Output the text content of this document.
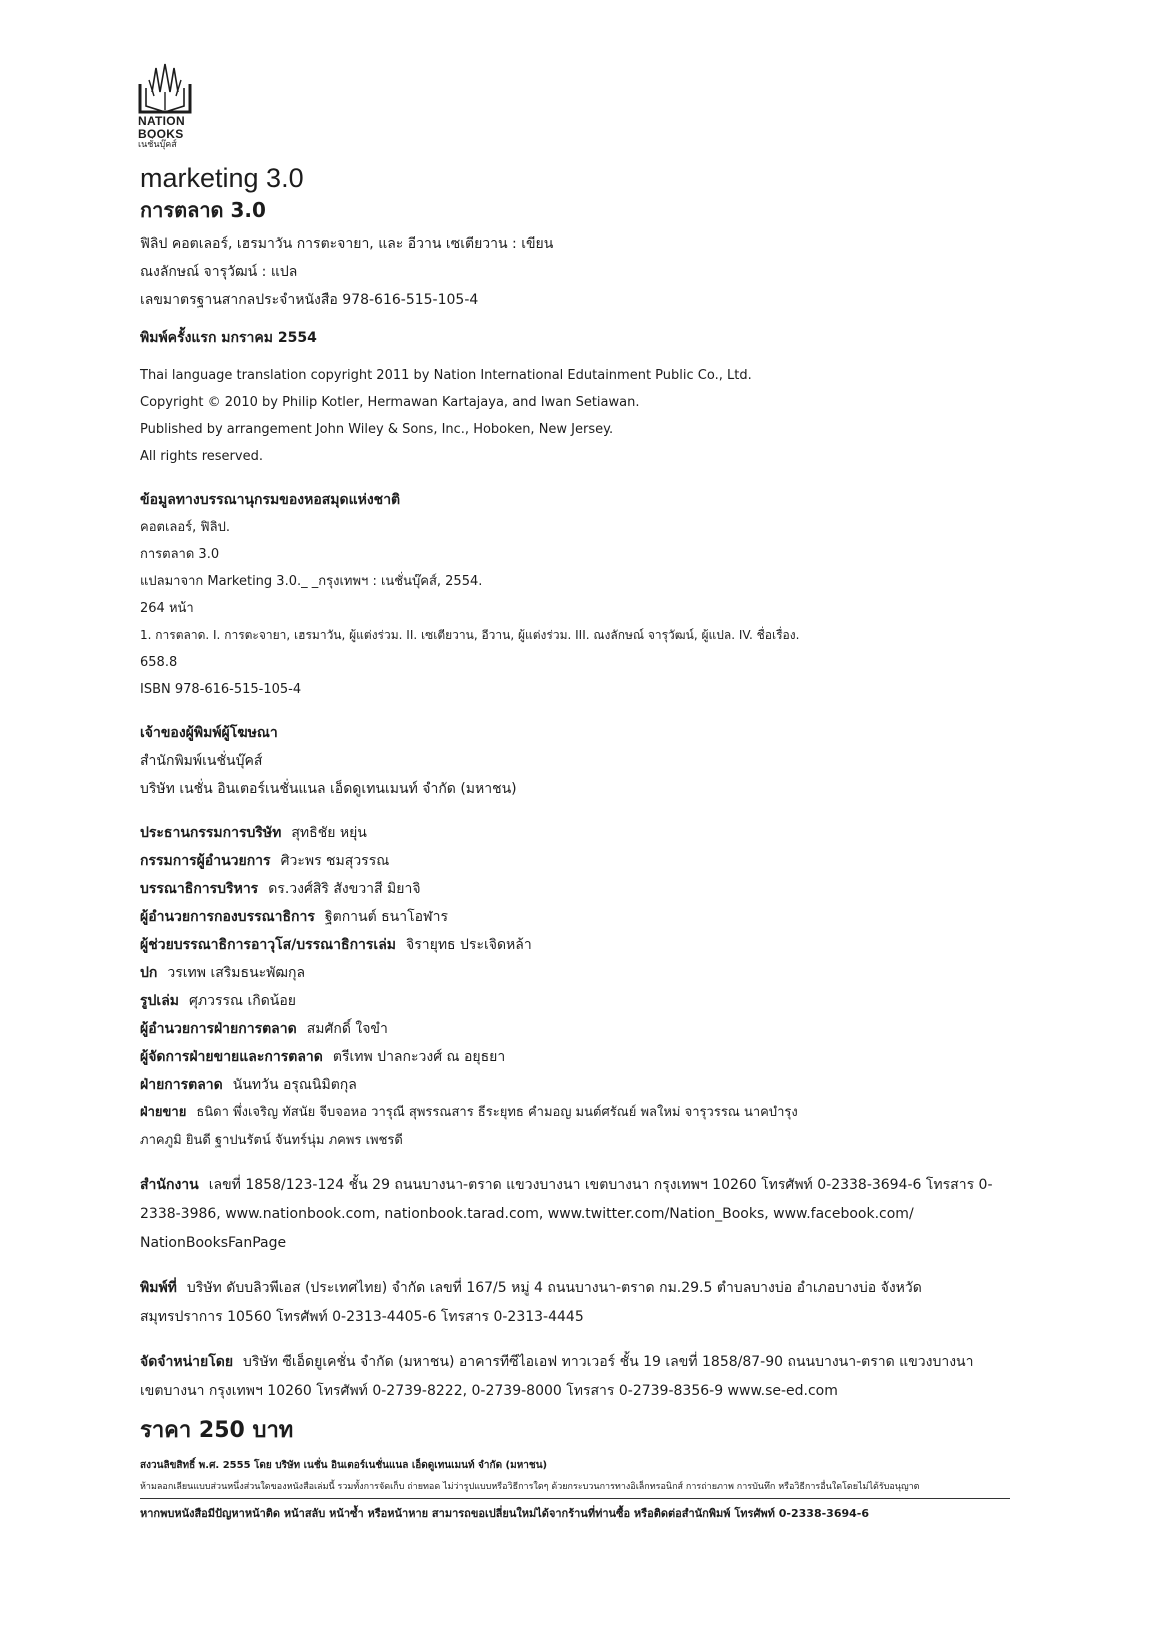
NATION
BOOKS
เนชั่นบุ๊คส์
marketing 3.0
การตลาด 3.0
ฟิลิป คอตเลอร์, เฮรมาวัน การตะจายา, และ อีวาน เซเตียวาน : เขียน
ณงลักษณ์ จารุวัฒน์ : แปล
เลขมาตรฐานสากลประจำหนังสือ 978-616-515-105-4
พิมพ์ครั้งแรก มกราคม 2554
Thai language translation copyright 2011 by Nation International Edutainment Public Co., Ltd.
Copyright © 2010 by Philip Kotler, Hermawan Kartajaya, and Iwan Setiawan.
Published by arrangement John Wiley & Sons, Inc., Hoboken, New Jersey.
All rights reserved.
ข้อมูลทางบรรณานุกรมของหอสมุดแห่งชาติ
คอตเลอร์, ฟิลิป.
การตลาด 3.0
แปลมาจาก Marketing 3.0._ _กรุงเทพฯ : เนชั่นบุ๊คส์, 2554.
264 หน้า
1. การตลาด. I. การตะจายา, เฮรมาวัน, ผู้แต่งร่วม. II. เซเตียวาน, อีวาน, ผู้แต่งร่วม. III. ณงลักษณ์ จารุวัฒน์, ผู้แปล. IV. ชื่อเรื่อง.
658.8
ISBN 978-616-515-105-4
เจ้าของผู้พิมพ์ผู้โฆษณา
สำนักพิมพ์เนชั่นบุ๊คส์
บริษัท เนชั่น อินเตอร์เนชั่นแนล เอ็ดดูเทนเมนท์ จำกัด (มหาชน)
ประธานกรรมการบริษัท สุทธิชัย หยุ่น
กรรมการผู้อำนวยการ ศิวะพร ชมสุวรรณ
บรรณาธิการบริหาร ดร.วงศ์สิริ สังขวาสี มิยาจิ
ผู้อำนวยการกองบรรณาธิการ ฐิตกานต์ ธนาโอฬาร
ผู้ช่วยบรรณาธิการอาวุโส/บรรณาธิการเล่ม จิรายุทธ ประเจิดหล้า
ปก วรเทพ เสริมธนะพัฒกุล
รูปเล่ม ศุภวรรณ เกิดน้อย
ผู้อำนวยการฝ่ายการตลาด สมศักดิ์ ใจขำ
ผู้จัดการฝ่ายขายและการตลาด ตรีเทพ ปาลกะวงศ์ ณ อยุธยา
ฝ่ายการตลาด นันทวัน อรุณนิมิตกุล
ฝ่ายขาย ธนิดา พึ่งเจริญ ทัสนัย จีบจอหอ วารุณี สุพรรณสาร ธีระยุทธ คำมอญ มนต์ศรัณย์ พลใหม่ จารุวรรณ นาคบำรุง
ภาคภูมิ ยินดี ฐาปนรัตน์ จันทร์นุ่ม ภคพร เพชรดี
สำนักงาน เลขที่ 1858/123-124 ชั้น 29 ถนนบางนา-ตราด แขวงบางนา เขตบางนา กรุงเทพฯ 10260 โทรศัพท์ 0-2338-3694-6 โทรสาร 0-2338-3986, www.nationbook.com, nationbook.tarad.com, www.twitter.com/Nation_Books, www.facebook.com/ NationBooksFanPage
พิมพ์ที่ บริษัท ดับบลิวพีเอส (ประเทศไทย) จำกัด เลขที่ 167/5 หมู่ 4 ถนนบางนา-ตราด กม.29.5 ตำบลบางบ่อ อำเภอบางบ่อ จังหวัดสมุทรปราการ 10560 โทรศัพท์ 0-2313-4405-6 โทรสาร 0-2313-4445
จัดจำหน่ายโดย บริษัท ซีเอ็ดยูเคชั่น จำกัด (มหาชน) อาคารทีซีไอเอฟ ทาวเวอร์ ชั้น 19 เลขที่ 1858/87-90 ถนนบางนา-ตราด แขวงบางนา เขตบางนา กรุงเทพฯ 10260 โทรศัพท์ 0-2739-8222, 0-2739-8000 โทรสาร 0-2739-8356-9 www.se-ed.com
ราคา 250 บาท
สงวนลิขสิทธิ์ พ.ศ. 2555 โดย บริษัท เนชั่น อินเตอร์เนชั่นแนล เอ็ดดูเทนเมนท์ จำกัด (มหาชน)
ห้ามลอกเลียนแบบส่วนหนึ่งส่วนใดของหนังสือเล่มนี้ รวมทั้งการจัดเก็บ ถ่ายทอด ไม่ว่ารูปแบบหรือวิธีการใดๆ ด้วยกระบวนการทางอิเล็กทรอนิกส์ การถ่ายภาพ การบันทึก หรือวิธีการอื่นใดโดยไม่ได้รับอนุญาต
หากพบหนังสือมีปัญหาหน้าติด หน้าสลับ หน้าซ้ำ หรือหน้าหาย สามารถขอเปลี่ยนใหม่ได้จากร้านที่ท่านซื้อ หรือติดต่อสำนักพิมพ์ โทรศัพท์ 0-2338-3694-6
